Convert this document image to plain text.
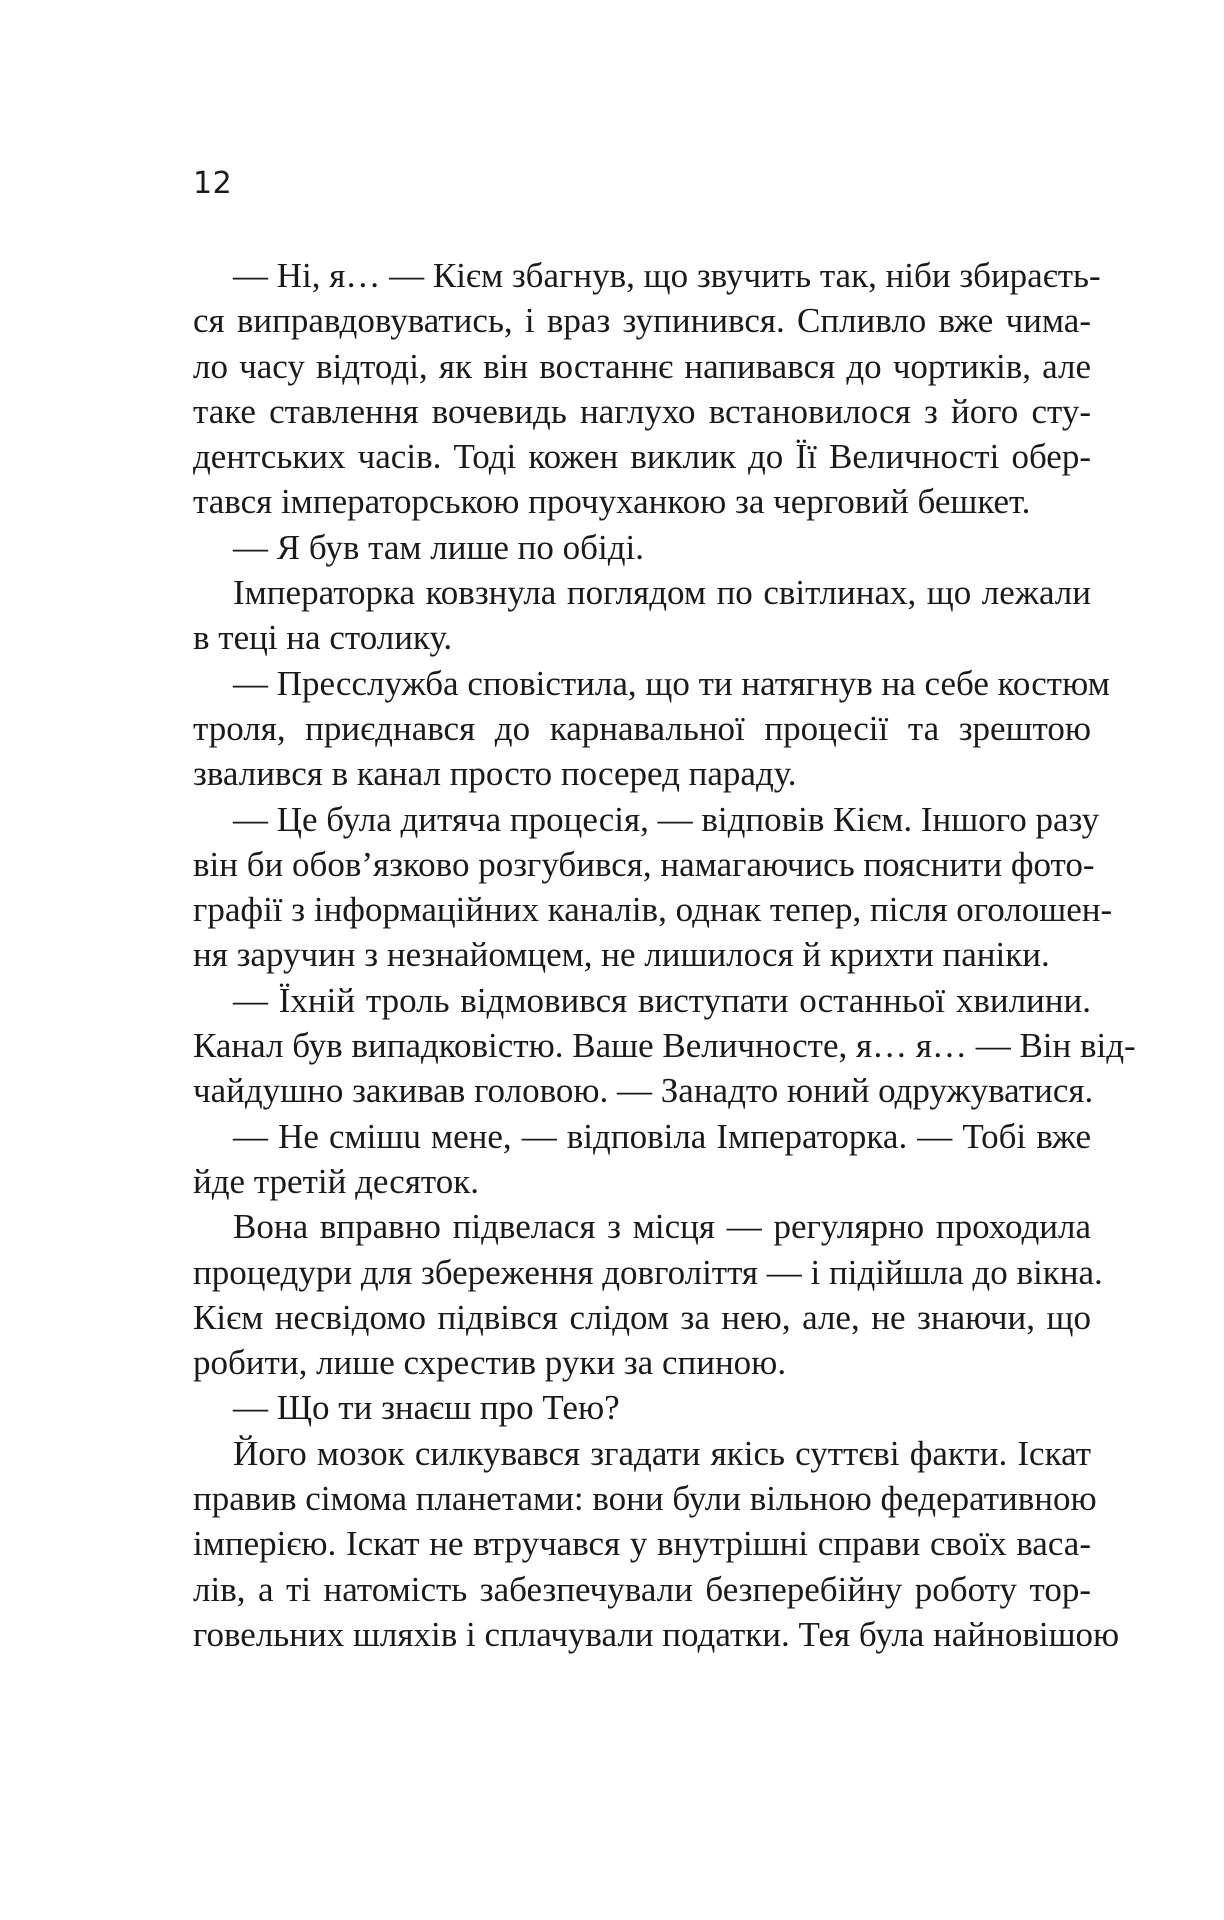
12
— Ні, я… — Кієм збагнув, що звучить так, ніби збираєть-
ся виправдовуватись, і враз зупинився. Спливло вже чима-
ло часу відтоді, як він востаннє напивався до чортиків, але
таке ставлення вочевидь наглухо встановилося з його сту-
дентських часів. Тоді кожен виклик до Її Величності обер-
тався імператорською прочуханкою за черговий бешкет.
— Я був там лише по обіді.
Імператорка ковзнула поглядом по світлинах, що лежали
в теці на столику.
— Пресслужба сповістила, що ти натягнув на себе костюм
троля, приєднався до карнавальної процесії та зрештою
звалився в канал просто посеред параду.
— Це була дитяча процесія, — відповів Кієм. Іншого разу
він би обов’язково розгубився, намагаючись пояснити фото-
графії з інформаційних каналів, однак тепер, після оголошен-
ня заручин з незнайомцем, не лишилося й крихти паніки.
— Їхній троль відмовився виступати останньої хвилини.
Канал був випадковістю. Ваше Величносте, я… я… — Він від-
чайдушно закивав головою. — Занадто юний одружуватися.
— Не смішu мене, — відповіла Імператорка. — Тобі вже
йде третій десяток.
Вона вправно підвелася з місця — регулярно проходила
процедури для збереження довголіття — і підійшла до вікна.
Кієм несвідомо підвівся слідом за нею, але, не знаючи, що
робити, лише схрестив руки за спиною.
— Що ти знаєш про Тею?
Його мозок силкувався згадати якісь суттєві факти. Іскат
правив сімома планетами: вони були вільною федеративною
імперією. Іскат не втручався у внутрішні справи своїх васа-
лів, а ті натомість забезпечували безперебійну роботу тор-
говельних шляхів і сплачували податки. Тея була найновішою
